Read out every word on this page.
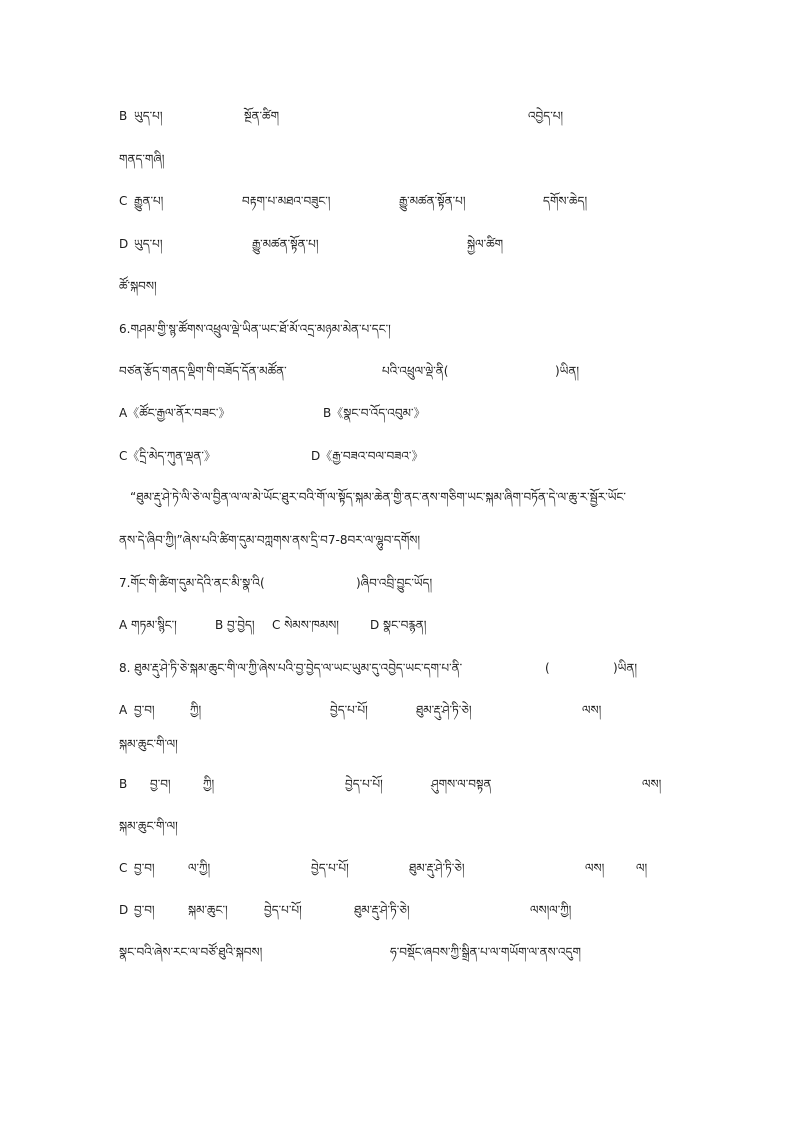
B ཡུད་པ།	སྔོན་ཚིག	འབྱེད་པ།
གནད་གཞི།
C རྒྱུན་པ།	བརྟག་པ་མཐའ་བཟུང་།	རྒྱུ་མཚན་སྟོན་པ།	དགོས་ཆེད།
D ཡུད་པ།	རྒྱུ་མཚན་སྟོན་པ།	སྐྱེལ་ཚིག
ཚོ་སྐབས།
6.གཤམ་གྱི་སྙ་ཚོགས་འཕྲུལ་ལྡེ་ཡིན་ཡང་ཐོ་མོ་འདྲ་མཉམ་མེན་པ་དང་།
བཙན་རྩོད་གནད་ལྡིག་གི་བཟོད་དོན་མཚོན་	པའི་འཕྲུལ་ལྡེ་ནི(	)ཡིན།
A《ཚོང་རྒྱལ་ནོར་བཟང་》	B《སྣང་བ་འོད་འབུམ་》
C《དྲི་མེད་ཀུན་ལྡན་》	D《རྒྱ་བཟའ་བལ་བཟའ་》
“ཐུམ་རྡུ་ཤེ་ཏེ་ལི་ཅེ་ལ་བྱིན་ལ་ལ་མེ་ཡོང་ཐུར་བའི་གོ་ལ་སྟོད་སྐམ་ཆེན་གྱི་ནང་ནས་གཅིག་ཡང་སྐམ་ཞིག་བཏོན་དེ་ལ་ཆུ་ར་སྦྱོར་ཡོང་
ནས་དེ་ཞིབ་ཀྱི།”ཞེས་པའི་ཚིག་དུམ་བཀླགས་ནས་དྲི་བ7-8བར་ལ་ལྷུབ་དགོས།
7.གོང་གི་ཚིག་དུམ་དེའི་ནང་མི་སྣ་འི(	)ཞིབ་འབྲི་བྱུང་ཡོད།
A གཏམ་སྙིང་།	B བྱ་བྱེད། C སེམས་ཁམས།	D སྣང་བརྙན།
8. ཐུམ་རྡུ་ཤེ་ཏི་ཅེ་སྐམ་ཆུང་གི་ལ་ཀྱི་ཞེས་པའི་བྱ་བྱེད་ལ་ཡང་ཡུམ་དུ་འབྱེད་ཡང་དག་པ་ནི་	(	)ཡིན།
A བྱ་བ།	ཀྱི།	བྱེད་པ་པོ།	ཐུམ་རྡུ་ཤེ་ཏི་ཅེ།	ལས།
སྐམ་ཆུང་གི་ལ།
B བྱ་བ།	ཀྱི།	བྱེད་པ་པོ།	ཤུགས་ལ་བསྟན	ལས།
སྐམ་ཆུང་གི་ལ།
C བྱ་བ།	ལ་ཀྱི།	བྱེད་པ་པོ།	ཐུམ་རྡུ་ཤེ་ཏི་ཅེ།	ལས།	ལ།
D བྱ་བ།	སྐམ་ཆུང་།	བྱེད་པ་པོ།	ཐུམ་རྡུ་ཤེ་ཏི་ཅེ།	ལས།ལ་ཀྱི།
སྣང་བའི་ཞེས་རང་ལ་བཙོ་ཐུའི་སྐབས།	ཧ་བསྡོང་ཞབས་ཀྱི་སྒྲིན་པ་ལ་གཡོག་ལ་ནས་འདུག
